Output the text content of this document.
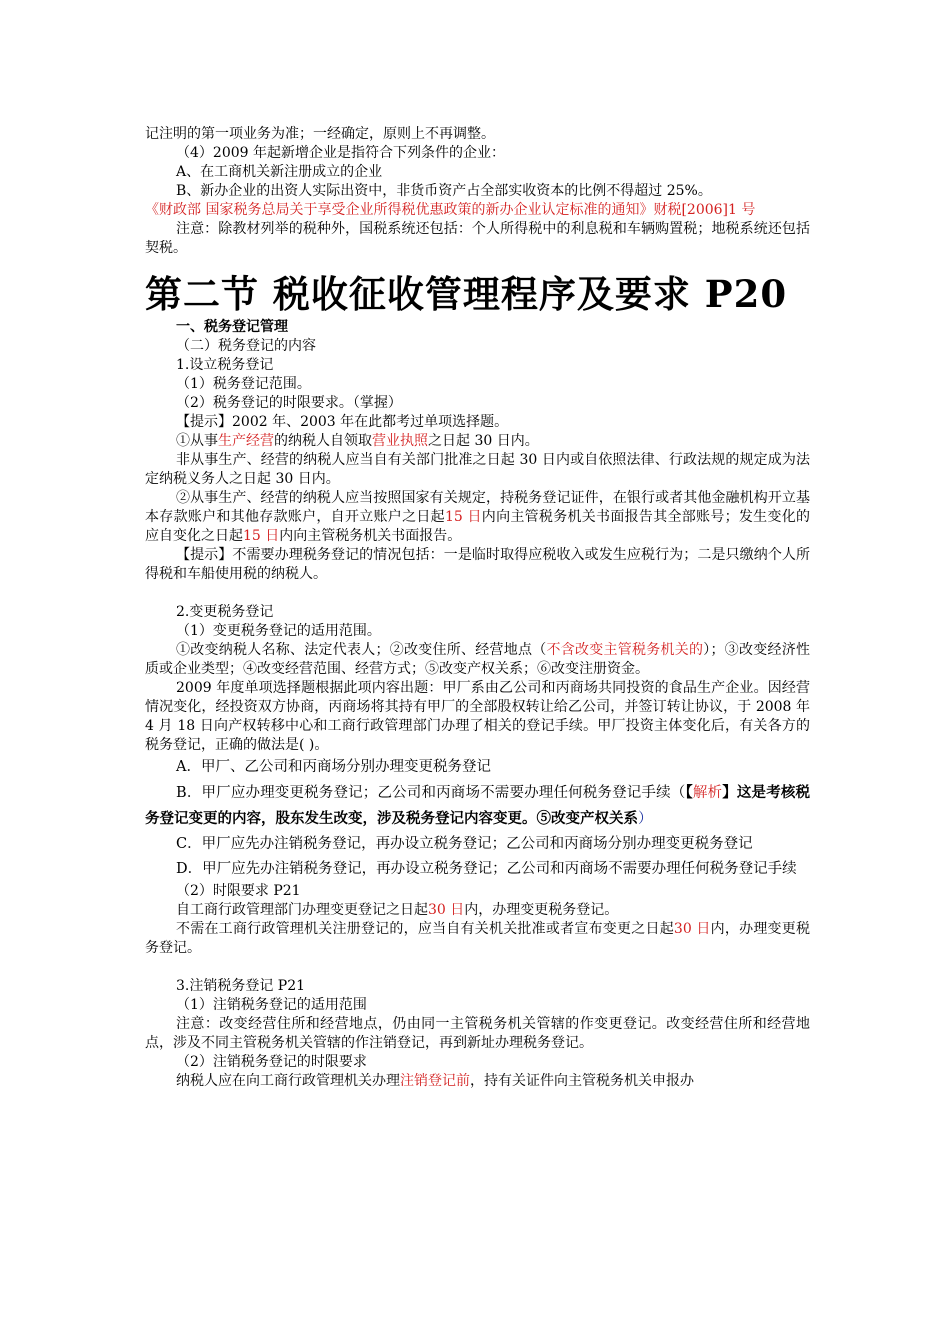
记注明的第一项业务为准；一经确定，原则上不再调整。

（4）2009 年起新增企业是指符合下列条件的企业：

A、在工商机关新注册成立的企业

B、新办企业的出资人实际出资中，非货币资产占全部实收资本的比例不得超过 25%。

《财政部 国家税务总局关于享受企业所得税优惠政策的新办企业认定标准的通知》财税[2006]1 号

注意：除教材列举的税种外，国税系统还包括：个人所得税中的利息税和车辆购置税；地税系统还包括契税。

第二节 税收征收管理程序及要求 P20

一、税务登记管理

（二）税务登记的内容

1.设立税务登记

（1）税务登记范围。

（2）税务登记的时限要求。（掌握）

【提示】2002 年、2003 年在此都考过单项选择题。

①从事生产经营的纳税人自领取营业执照之日起 30 日内。

非从事生产、经营的纳税人应当自有关部门批准之日起 30 日内或自依照法律、行政法规的规定成为法定纳税义务人之日起 30 日内。

②从事生产、经营的纳税人应当按照国家有关规定，持税务登记证件，在银行或者其他金融机构开立基本存款账户和其他存款账户，自开立账户之日起15 日内向主管税务机关书面报告其全部账号；发生变化的应自变化之日起15 日内向主管税务机关书面报告。

【提示】不需要办理税务登记的情况包括：一是临时取得应税收入或发生应税行为；二是只缴纳个人所得税和车船使用税的纳税人。

2.变更税务登记

（1）变更税务登记的适用范围。

①改变纳税人名称、法定代表人；②改变住所、经营地点（不含改变主管税务机关的）；③改变经济性质或企业类型；④改变经营范围、经营方式；⑤改变产权关系；⑥改变注册资金。

2009 年度单项选择题根据此项内容出题：甲厂系由乙公司和丙商场共同投资的食品生产企业。因经营情况变化，经投资双方协商，丙商场将其持有甲厂的全部股权转让给乙公司，并签订转让协议，于 2008 年 4 月 18 日向产权转移中心和工商行政管理部门办理了相关的登记手续。甲厂投资主体变化后，有关各方的税务登记，正确的做法是( )。

A．甲厂、乙公司和丙商场分别办理变更税务登记

B．甲厂应办理变更税务登记；乙公司和丙商场不需要办理任何税务登记手续（【解析】这是考核税务登记变更的内容，股东发生改变，涉及税务登记内容变更。⑤改变产权关系）

C．甲厂应先办注销税务登记，再办设立税务登记；乙公司和丙商场分别办理变更税务登记

D．甲厂应先办注销税务登记，再办设立税务登记；乙公司和丙商场不需要办理任何税务登记手续

（2）时限要求 P21

自工商行政管理部门办理变更登记之日起30 日内，办理变更税务登记。

不需在工商行政管理机关注册登记的，应当自有关机关批准或者宣布变更之日起30 日内，办理变更税务登记。

3.注销税务登记 P21

（1）注销税务登记的适用范围

注意：改变经营住所和经营地点，仍由同一主管税务机关管辖的作变更登记。改变经营住所和经营地点，涉及不同主管税务机关管辖的作注销登记，再到新址办理税务登记。

（2）注销税务登记的时限要求

纳税人应在向工商行政管理机关办理注销登记前，持有关证件向主管税务机关申报办
